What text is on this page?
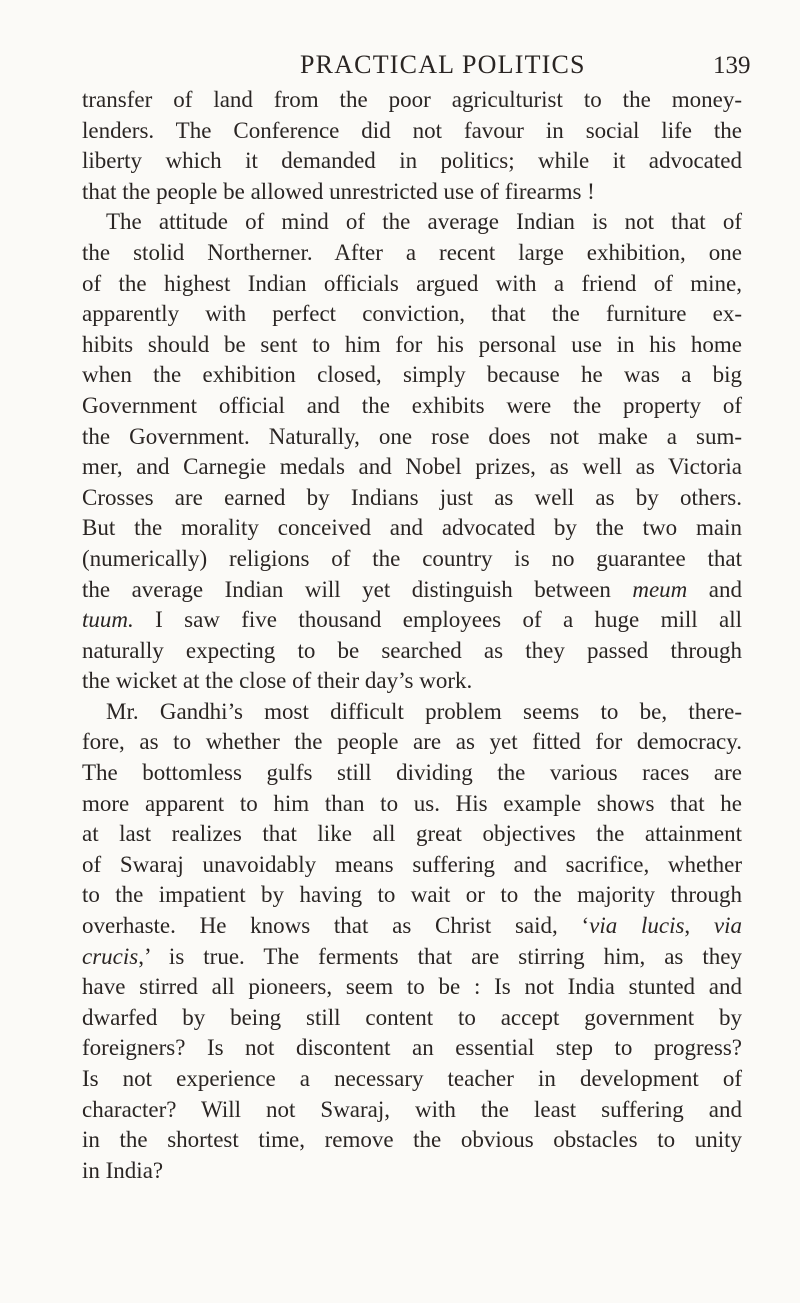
PRACTICAL POLITICS	139
transfer of land from the poor agriculturist to the money-
lenders. The Conference did not favour in social life the
liberty which it demanded in politics; while it advocated
that the people be allowed unrestricted use of firearms !
The attitude of mind of the average Indian is not that of
the stolid Northerner. After a recent large exhibition, one
of the highest Indian officials argued with a friend of mine,
apparently with perfect conviction, that the furniture ex-
hibits should be sent to him for his personal use in his home
when the exhibition closed, simply because he was a big
Government official and the exhibits were the property of
the Government. Naturally, one rose does not make a sum-
mer, and Carnegie medals and Nobel prizes, as well as Victoria
Crosses are earned by Indians just as well as by others.
But the morality conceived and advocated by the two main
(numerically) religions of the country is no guarantee that
the average Indian will yet distinguish between meum and
tuum. I saw five thousand employees of a huge mill all
naturally expecting to be searched as they passed through
the wicket at the close of their day’s work.
Mr. Gandhi’s most difficult problem seems to be, there-
fore, as to whether the people are as yet fitted for democracy.
The bottomless gulfs still dividing the various races are
more apparent to him than to us. His example shows that he
at last realizes that like all great objectives the attainment
of Swaraj unavoidably means suffering and sacrifice, whether
to the impatient by having to wait or to the majority through
overhaste. He knows that as Christ said, ‘via lucis, via
crucis,’ is true. The ferments that are stirring him, as they
have stirred all pioneers, seem to be : Is not India stunted and
dwarfed by being still content to accept government by
foreigners? Is not discontent an essential step to progress?
Is not experience a necessary teacher in development of
character? Will not Swaraj, with the least suffering and
in the shortest time, remove the obvious obstacles to unity
in India?
